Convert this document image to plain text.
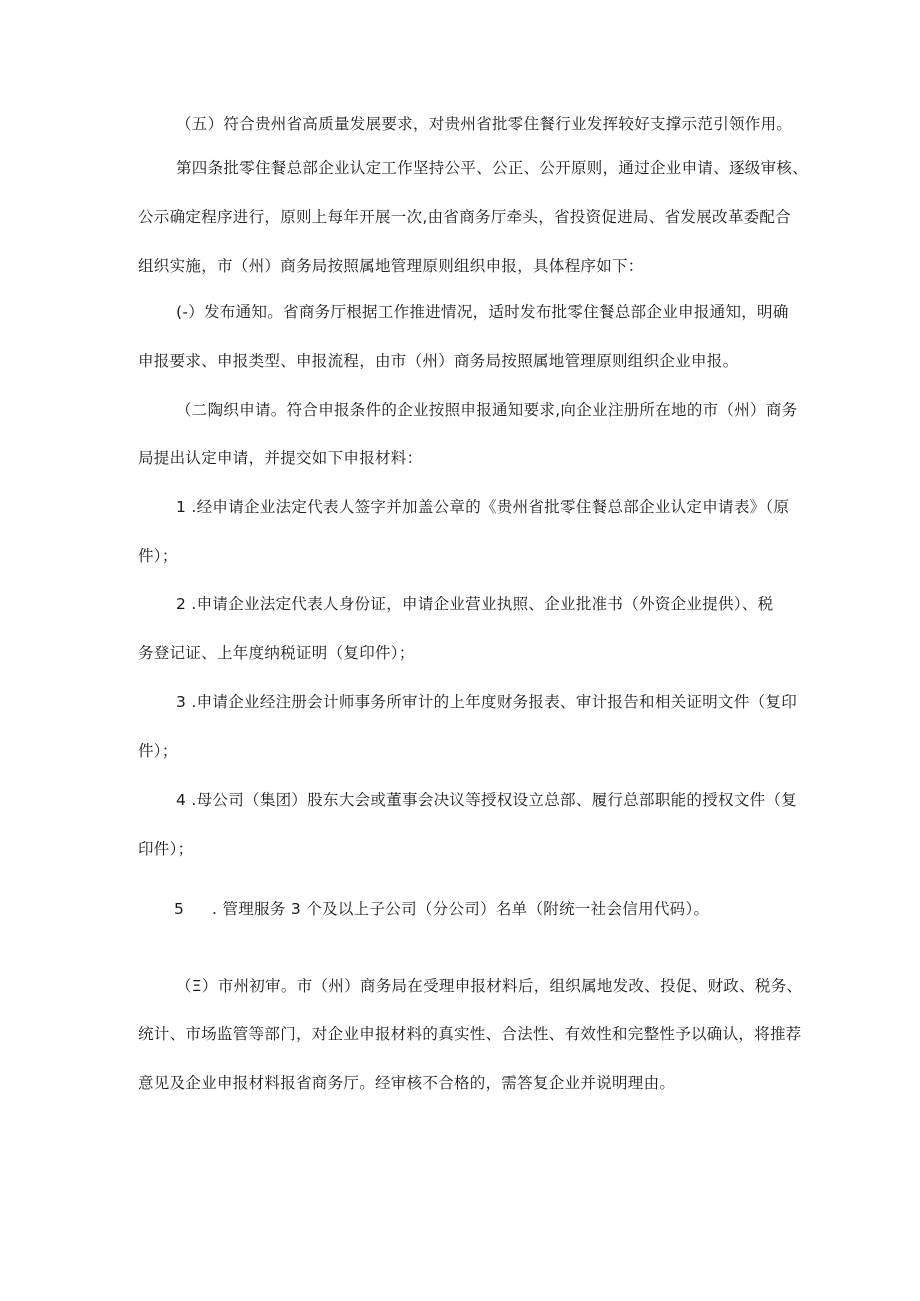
（五）符合贵州省高质量发展要求，对贵州省批零住餐行业发挥较好支撑示范引领作用。
第四条批零住餐总部企业认定工作坚持公平、公正、公开原则，通过企业申请、逐级审核、
公示确定程序进行，原则上每年开展一次,由省商务厅牵头，省投资促进局、省发展改革委配合
组织实施，市（州）商务局按照属地管理原则组织申报，具体程序如下：
(-）发布通知。省商务厅根据工作推进情况，适时发布批零住餐总部企业申报通知，明确
申报要求、申报类型、申报流程，由市（州）商务局按照属地管理原则组织企业申报。
（二陶织申请。符合申报条件的企业按照申报通知要求,向企业注册所在地的市（州）商务
局提出认定申请，并提交如下申报材料：
1 .经申请企业法定代表人签字并加盖公章的《贵州省批零住餐总部企业认定申请表》（原
件）；
2 .申请企业法定代表人身份证，申请企业营业执照、企业批准书（外资企业提供）、税
务登记证、上年度纳税证明（复印件）；
3 .申请企业经注册会计师事务所审计的上年度财务报表、审计报告和相关证明文件（复印
件）；
4 .母公司（集团）股东大会或董事会决议等授权设立总部、履行总部职能的授权文件（复
印件）；
5 . 管理服务 3 个及以上子公司（分公司）名单（附统一社会信用代码）。
（Ξ）市州初审。市（州）商务局在受理申报材料后，组织属地发改、投促、财政、税务、
统计、市场监管等部门，对企业申报材料的真实性、合法性、有效性和完整性予以确认，将推荐
意见及企业申报材料报省商务厅。经审核不合格的，需答复企业并说明理由。
